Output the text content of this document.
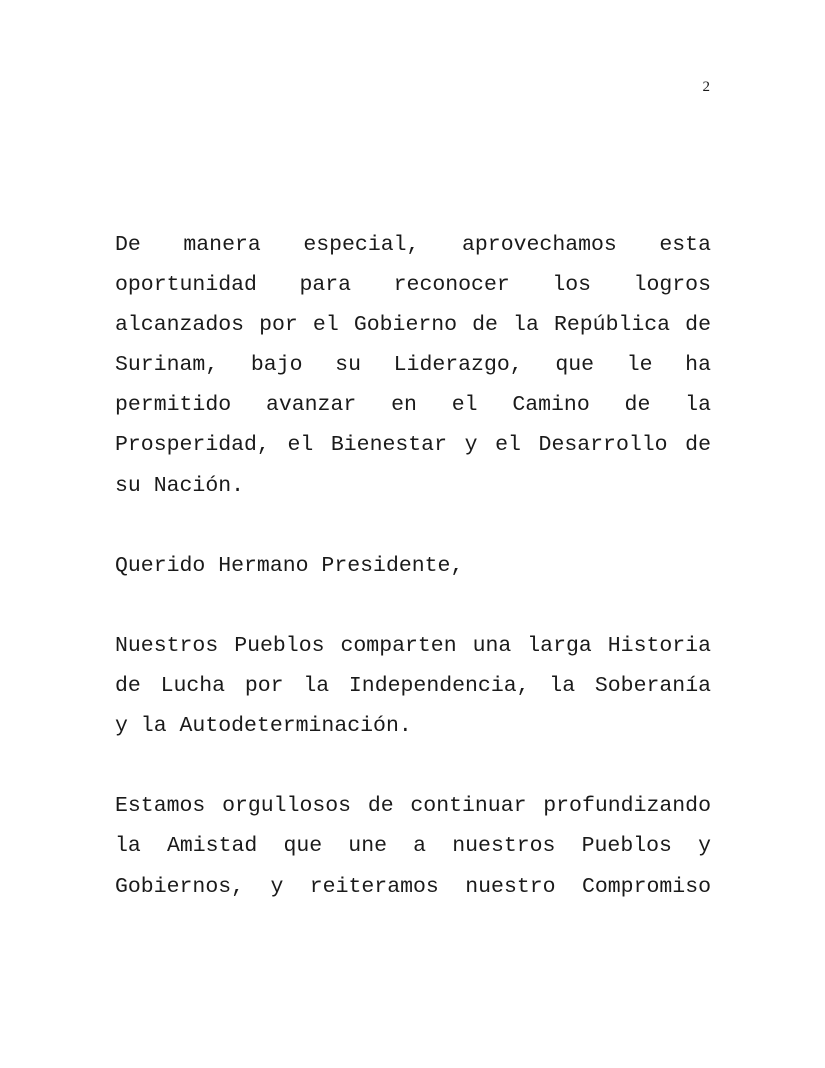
2

De manera especial, aprovechamos esta
oportunidad para reconocer los logros
alcanzados por el Gobierno de la República de
Surinam, bajo su Liderazgo, que le ha
permitido avanzar en el Camino de la
Prosperidad, el Bienestar y el Desarrollo de
su Nación.

Querido Hermano Presidente,

Nuestros Pueblos comparten una larga Historia
de Lucha por la Independencia, la Soberanía
y la Autodeterminación.

Estamos orgullosos de continuar profundizando
la Amistad que une a nuestros Pueblos y
Gobiernos, y reiteramos nuestro Compromiso
